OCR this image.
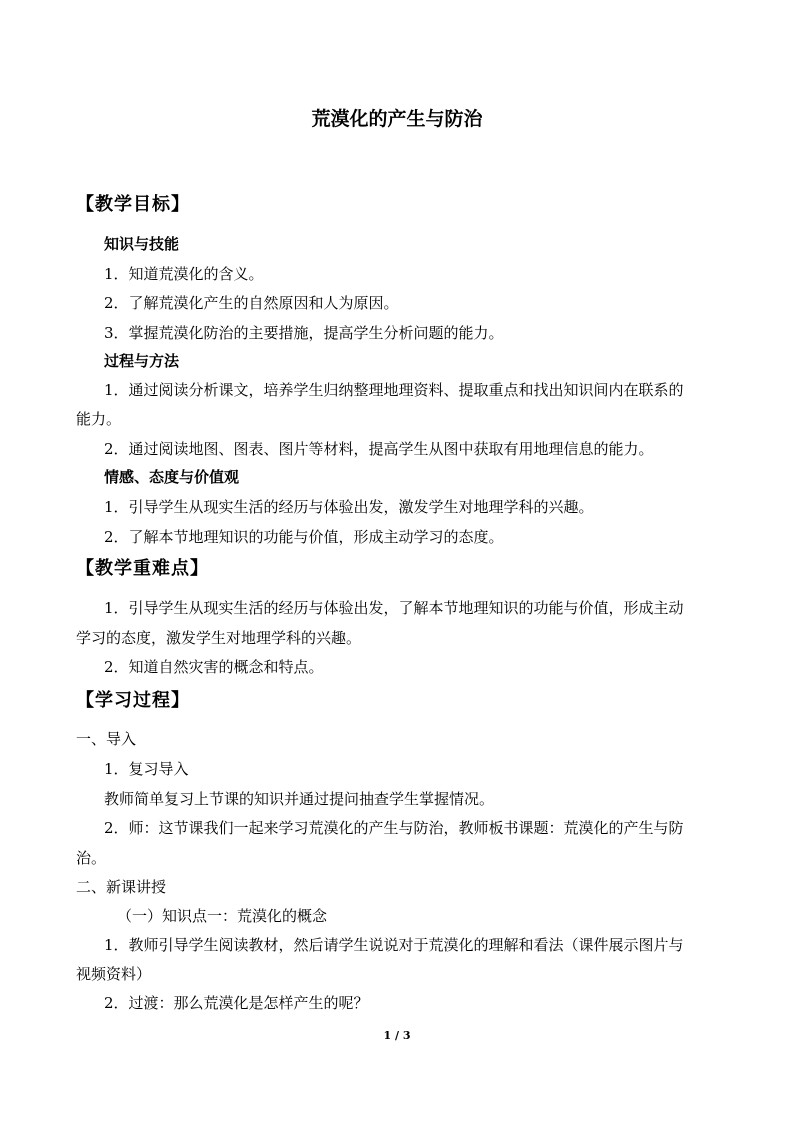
荒漠化的产生与防治
【教学目标】
知识与技能
1．知道荒漠化的含义。
2．了解荒漠化产生的自然原因和人为原因。
3．掌握荒漠化防治的主要措施，提高学生分析问题的能力。
过程与方法
1．通过阅读分析课文，培养学生归纳整理地理资料、提取重点和找出知识间内在联系的
能力。
2．通过阅读地图、图表、图片等材料，提高学生从图中获取有用地理信息的能力。
情感、态度与价值观
1．引导学生从现实生活的经历与体验出发，激发学生对地理学科的兴趣。
2．了解本节地理知识的功能与价值，形成主动学习的态度。
【教学重难点】
1．引导学生从现实生活的经历与体验出发，了解本节地理知识的功能与价值，形成主动
学习的态度，激发学生对地理学科的兴趣。
2．知道自然灾害的概念和特点。
【学习过程】
一、导入
1．复习导入
教师简单复习上节课的知识并通过提问抽查学生掌握情况。
2．师：这节课我们一起来学习荒漠化的产生与防治，教师板书课题：荒漠化的产生与防
治。
二、新课讲授
（一）知识点一：荒漠化的概念
1．教师引导学生阅读教材，然后请学生说说对于荒漠化的理解和看法（课件展示图片与
视频资料）
2．过渡：那么荒漠化是怎样产生的呢？
1 / 3
